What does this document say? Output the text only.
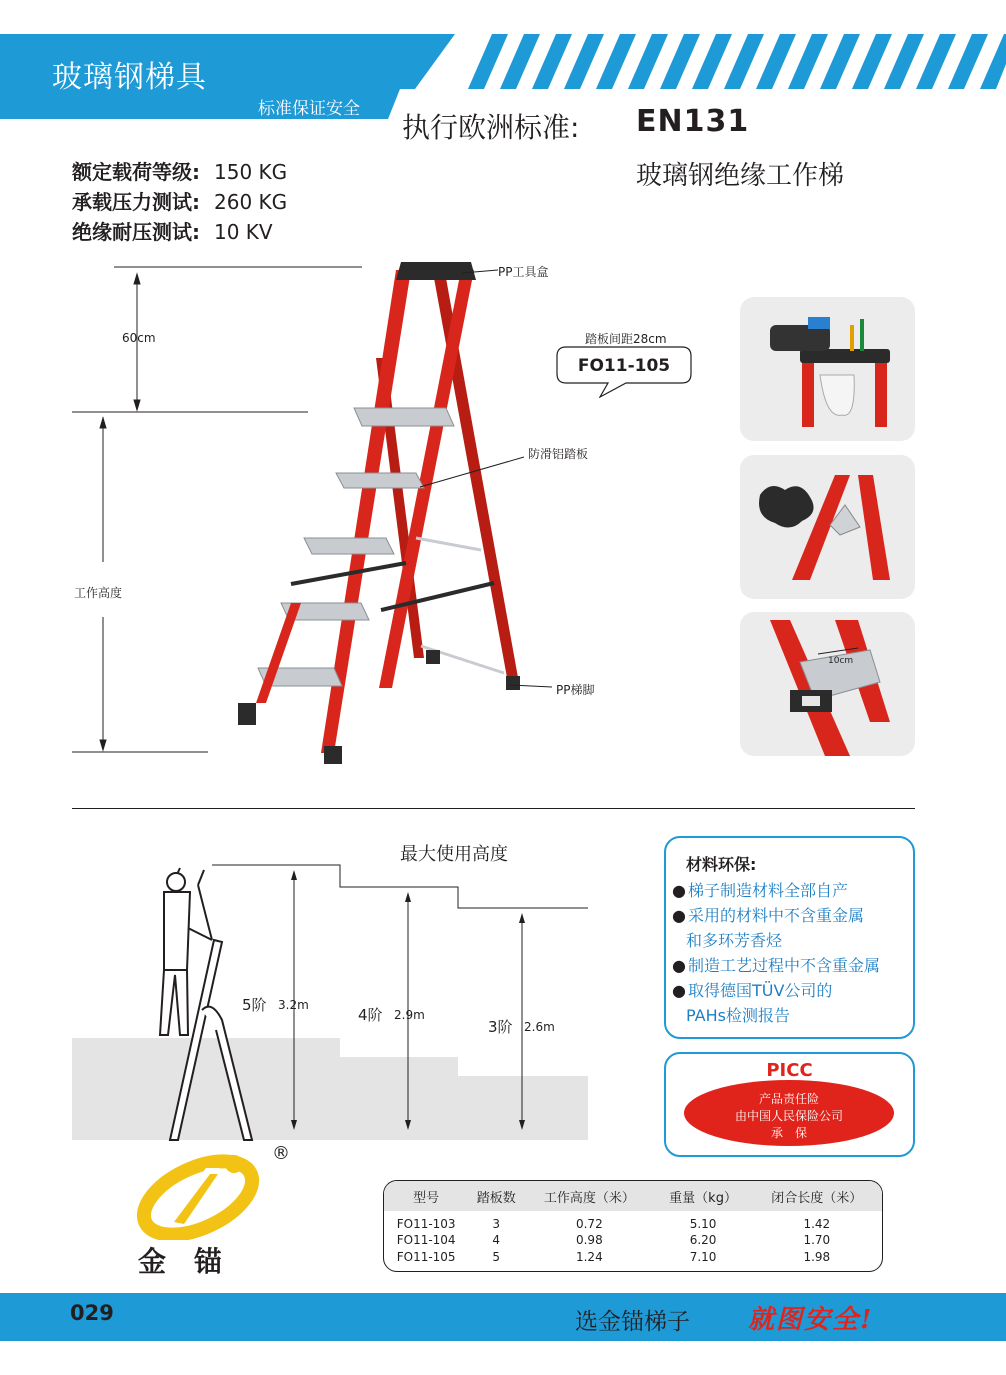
玻璃钢梯具
标准保证安全
执行欧洲标准: EN131
玻璃钢绝缘工作梯
额定载荷等级: 150 KG
承载压力测试: 260 KG
绝缘耐压测试: 10 KV
60cm
工作高度
PP工具盒
踏板间距28cm
FO11-105
防滑铝踏板
PP梯脚
10cm
最大使用高度
5阶 3.2m
4阶 2.9m
3阶 2.6m
材料环保:
● 梯子制造材料全部自产
● 采用的材料中不含重金属
和多环芳香烃
● 制造工艺过程中不含重金属
● 取得德国TÜV公司的
PAHs检测报告
PICC
产品责任险
由中国人民保险公司
承　保
®
金锚
型号	踏板数	工作高度（米）	重量（kg）	闭合长度（米）
FO11-103	3	0.72	5.10	1.42
FO11-104	4	0.98	6.20	1.70
FO11-105	5	1.24	7.10	1.98
029	选金锚梯子 就图安全!
